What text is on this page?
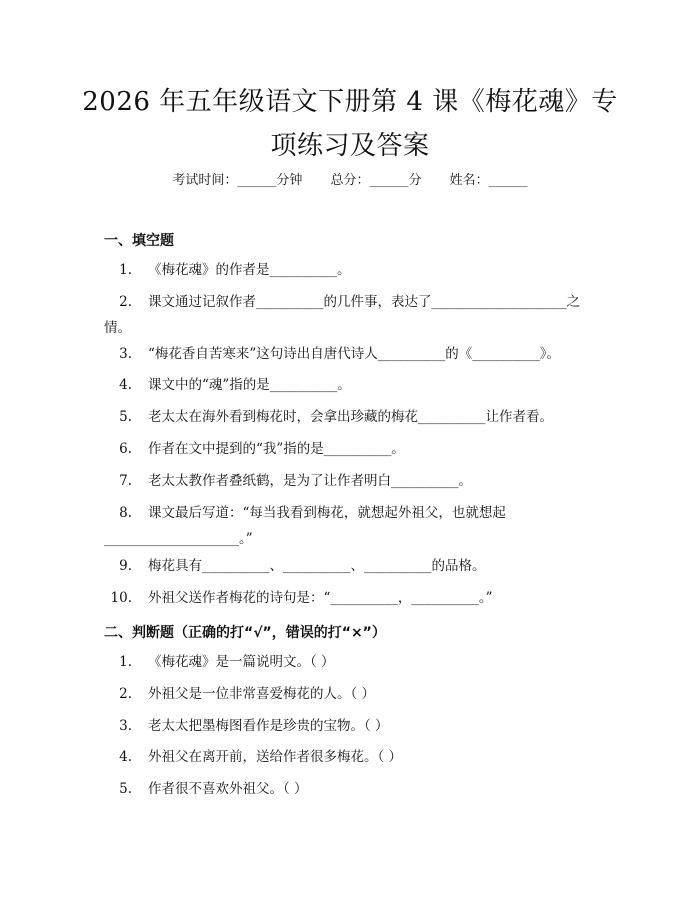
2026 年五年级语文下册第 4 课《梅花魂》专
项练习及答案
考试时间：______分钟 总分：______分 姓名：______
一、填空题
1. 《梅花魂》的作者是__________。
2. 课文通过记叙作者__________的几件事，表达了____________________之情。
3. “梅花香自苦寒来”这句诗出自唐代诗人__________的《__________》。
4. 课文中的“魂”指的是__________。
5. 老太太在海外看到梅花时，会拿出珍藏的梅花__________让作者看。
6. 作者在文中提到的“我”指的是__________。
7. 老太太教作者叠纸鹤，是为了让作者明白__________。
8. 课文最后写道：“每当我看到梅花，就想起外祖父，也就想起____________________。”
9. 梅花具有__________、__________、__________的品格。
10. 外祖父送作者梅花的诗句是：“__________，__________。”
二、判断题（正确的打“√”，错误的打“×”）
1. 《梅花魂》是一篇说明文。（ ）
2. 外祖父是一位非常喜爱梅花的人。（ ）
3. 老太太把墨梅图看作是珍贵的宝物。（ ）
4. 外祖父在离开前，送给作者很多梅花。（ ）
5. 作者很不喜欢外祖父。（ ）
